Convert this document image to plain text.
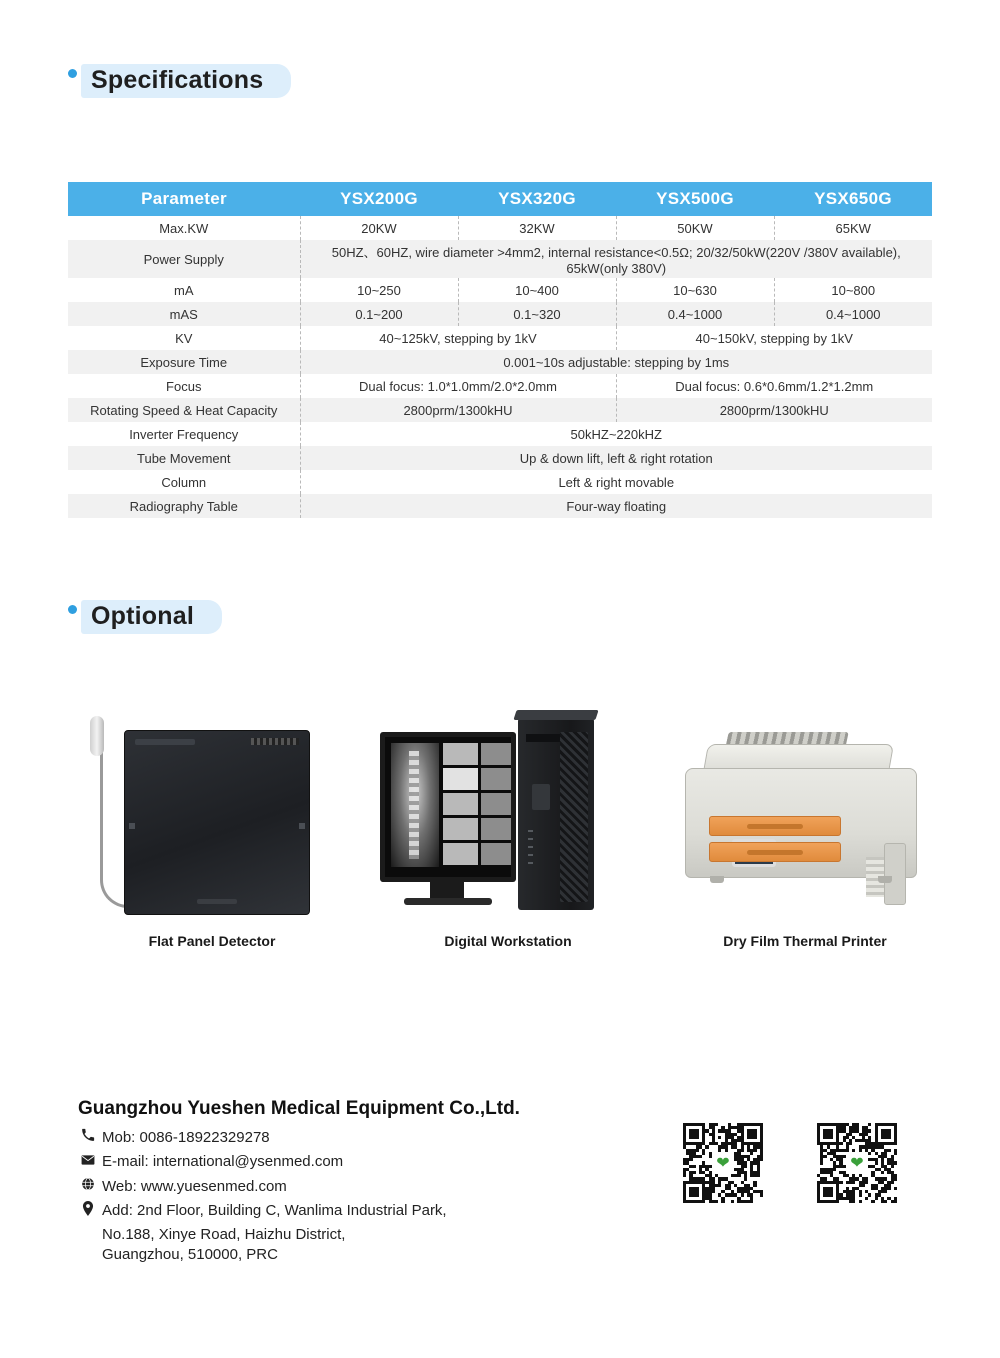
Specifications
Parameter	YSX200G	YSX320G	YSX500G	YSX650G
Max.KW	20KW	32KW	50KW	65KW
Power Supply	50HZ、60HZ, wire diameter >4mm2, internal resistance<0.5Ω; 20/32/50kW(220V /380V available), 65kW(only 380V)			
mA	10~250	10~400	10~630	10~800
mAS	0.1~200	0.1~320	0.4~1000	0.4~1000
KV	40~125kV, stepping by 1kV		40~150kV, stepping by 1kV	
Exposure Time	0.001~10s adjustable: stepping by 1ms			
Focus	Dual focus: 1.0*1.0mm/2.0*2.0mm		Dual focus: 0.6*0.6mm/1.2*1.2mm	
Rotating Speed & Heat Capacity	2800prm/1300kHU		2800prm/1300kHU	
Inverter Frequency	50kHZ~220kHZ			
Tube Movement	Up & down lift, left & right rotation			
Column	Left & right movable			
Radiography Table	Four-way floating			
Optional
Flat Panel Detector	Digital Workstation	Dry Film Thermal Printer
Guangzhou Yueshen Medical Equipment Co.,Ltd.
Mob: 0086-18922329278
E-mail: international@ysenmed.com
Web: www.yuesenmed.com
Add: 2nd Floor, Building C, Wanlima Industrial Park,
No.188, Xinye Road, Haizhu District,
Guangzhou, 510000, PRC
❤	❤
